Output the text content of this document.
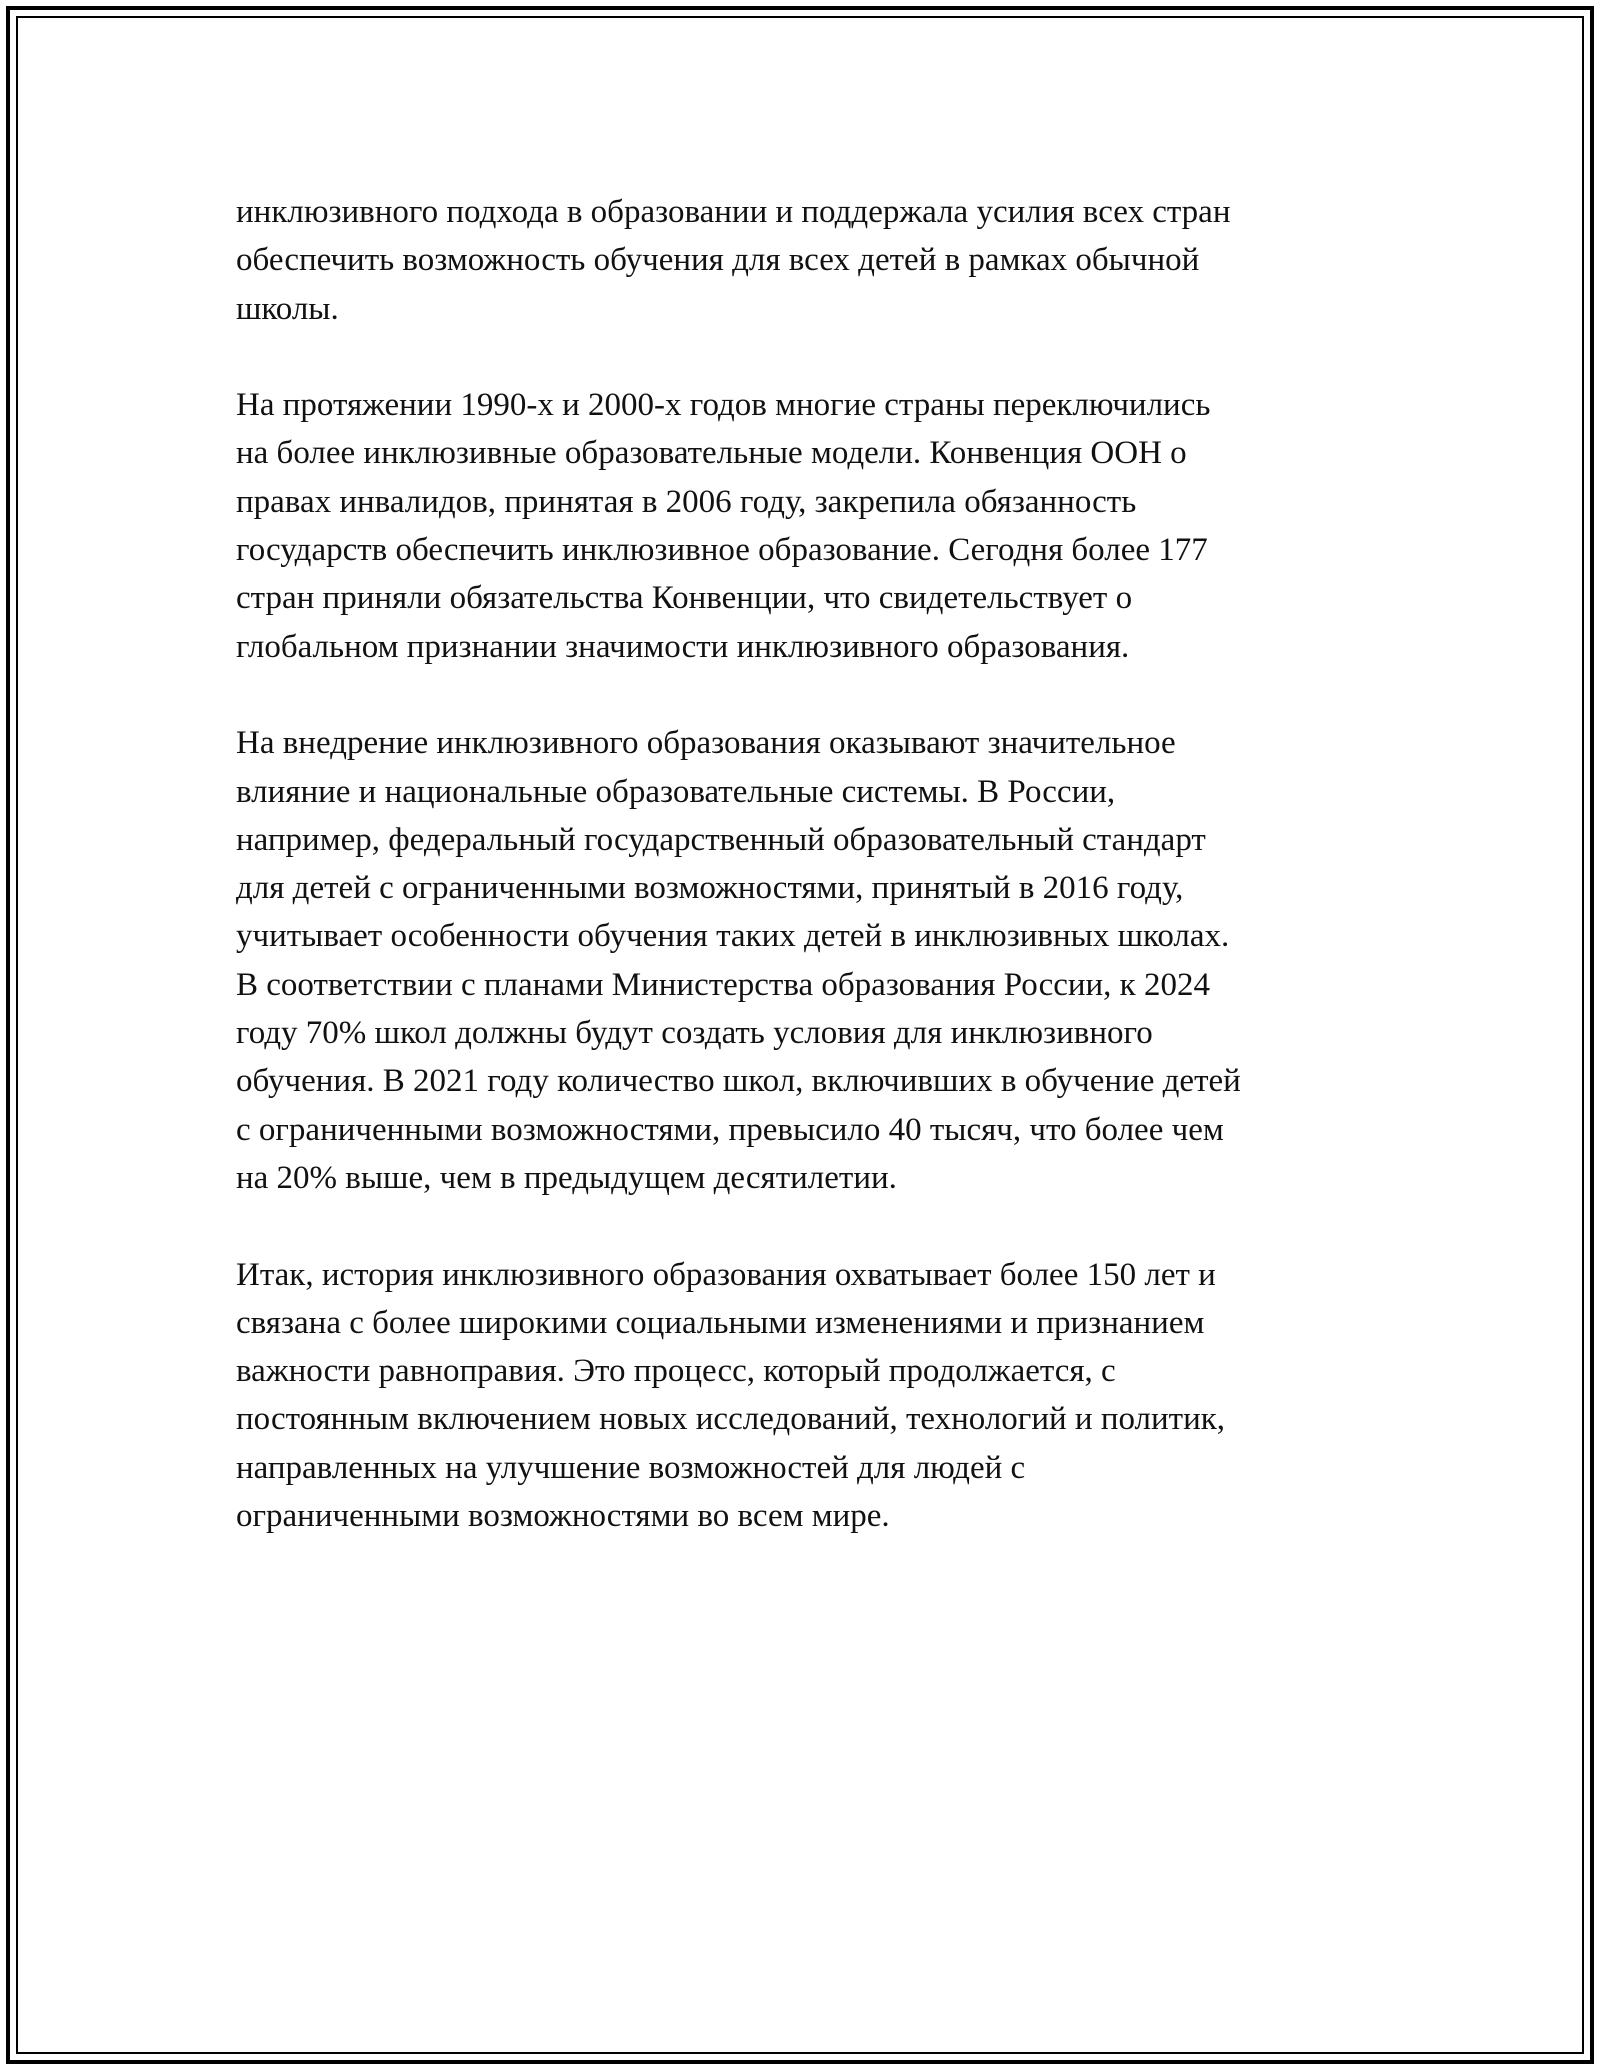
инклюзивного подхода в образовании и поддержала усилия всех стран
обеспечить возможность обучения для всех детей в рамках обычной
школы.

На протяжении 1990-х и 2000-х годов многие страны переключились
на более инклюзивные образовательные модели. Конвенция ООН о
правах инвалидов, принятая в 2006 году, закрепила обязанность
государств обеспечить инклюзивное образование. Сегодня более 177
стран приняли обязательства Конвенции, что свидетельствует о
глобальном признании значимости инклюзивного образования.

На внедрение инклюзивного образования оказывают значительное
влияние и национальные образовательные системы. В России,
например, федеральный государственный образовательный стандарт
для детей с ограниченными возможностями, принятый в 2016 году,
учитывает особенности обучения таких детей в инклюзивных школах.
В соответствии с планами Министерства образования России, к 2024
году 70% школ должны будут создать условия для инклюзивного
обучения. В 2021 году количество школ, включивших в обучение детей
с ограниченными возможностями, превысило 40 тысяч, что более чем
на 20% выше, чем в предыдущем десятилетии.

Итак, история инклюзивного образования охватывает более 150 лет и
связана с более широкими социальными изменениями и признанием
важности равноправия. Это процесс, который продолжается, с
постоянным включением новых исследований, технологий и политик,
направленных на улучшение возможностей для людей с
ограниченными возможностями во всем мире.
